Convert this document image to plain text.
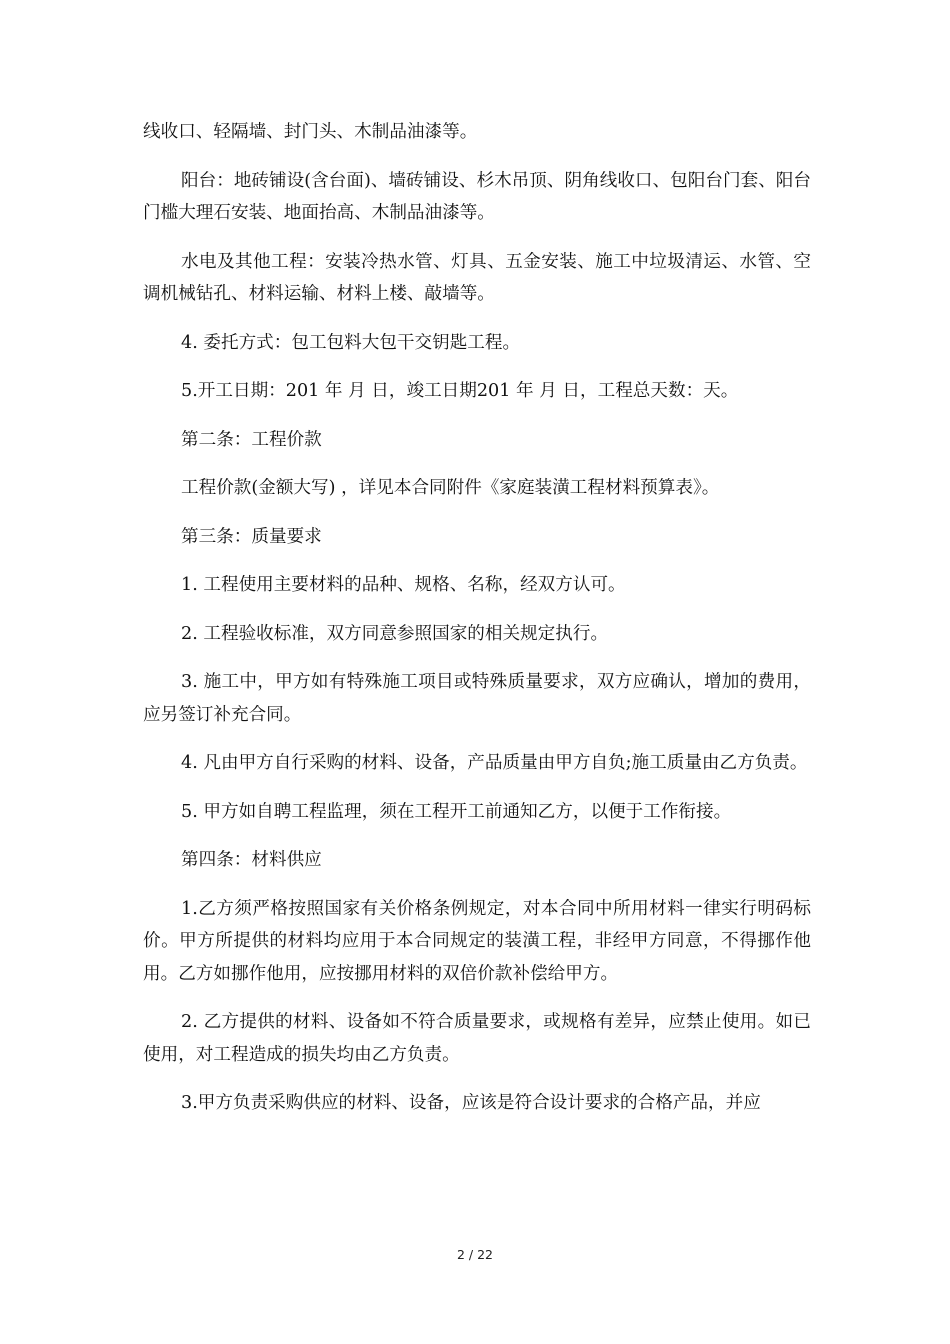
线收口、轻隔墙、封门头、木制品油漆等。

阳台：地砖铺设(含台面)、墙砖铺设、杉木吊顶、阴角线收口、包阳台门套、阳台门槛大理石安装、地面抬高、木制品油漆等。

水电及其他工程：安装冷热水管、灯具、五金安装、施工中垃圾清运、水管、空调机械钻孔、材料运输、材料上楼、敲墙等。

4. 委托方式：包工包料大包干交钥匙工程。

5.开工日期：201 年 月 日，竣工日期201 年 月 日，工程总天数：天。

第二条：工程价款

工程价款(金额大写) ，详见本合同附件《家庭装潢工程材料预算表》。

第三条：质量要求

1. 工程使用主要材料的品种、规格、名称，经双方认可。

2. 工程验收标准，双方同意参照国家的相关规定执行。

3. 施工中，甲方如有特殊施工项目或特殊质量要求，双方应确认，增加的费用，应另签订补充合同。

4. 凡由甲方自行采购的材料、设备，产品质量由甲方自负;施工质量由乙方负责。

5. 甲方如自聘工程监理，须在工程开工前通知乙方，以便于工作衔接。

第四条：材料供应

1.乙方须严格按照国家有关价格条例规定，对本合同中所用材料一律实行明码标价。甲方所提供的材料均应用于本合同规定的装潢工程，非经甲方同意，不得挪作他用。乙方如挪作他用，应按挪用材料的双倍价款补偿给甲方。

2. 乙方提供的材料、设备如不符合质量要求，或规格有差异，应禁止使用。如已使用，对工程造成的损失均由乙方负责。

3.甲方负责采购供应的材料、设备，应该是符合设计要求的合格产品，并应

2 / 22
